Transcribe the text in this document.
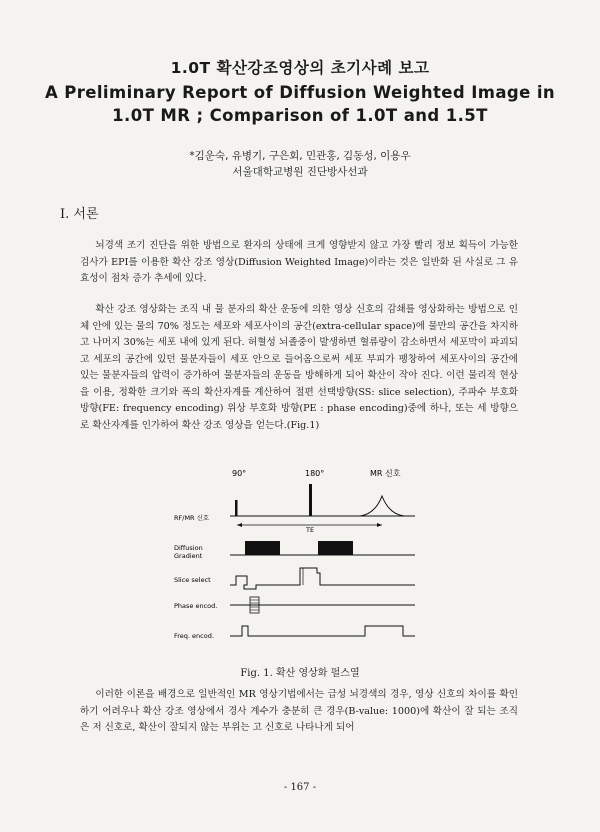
1.0T 확산강조영상의 초기사례 보고
A Preliminary Report of Diffusion Weighted Image in
1.0T MR ; Comparison of 1.0T and 1.5T
*김운숙, 유병기, 구은회, 민관홍, 김동성, 이용우
서울대학교병원 진단방사선과
I. 서론

뇌경색 조기 진단을 위한 방법으로 환자의 상태에 크게 영향받지 않고 가장 빨리 정보 획득이 가능한 검사가 EPI를 이용한 확산 강조 영상(Diffusion Weighted Image)이라는 것은 일반화 된 사실로 그 유효성이 점차 증가 추세에 있다.

확산 강조 영상화는 조직 내 물 분자의 확산 운동에 의한 영상 신호의 감쇄를 영상화하는 방법으로 인체 안에 있는 물의 70% 정도는 세포와 세포사이의 공간(extra-cellular space)에 물만의 공간을 차지하고 나머지 30%는 세포 내에 있게 된다. 허혈성 뇌졸중이 발생하면 혈류량이 감소하면서 세포막이 파괴되고 세포의 공간에 있던 물분자들이 세포 안으로 들어옴으로써 세포 부피가 팽창하여 세포사이의 공간에 있는 물분자들의 압력이 증가하여 물분자들의 운동을 방해하게 되어 확산이 작아 진다. 이런 물리적 현상을 이용, 정확한 크기와 폭의 확산자계를 계산하여 절편 선택방향(SS: slice selection), 주파수 부호화 방향(FE: frequency encoding) 위상 부호화 방향(PE : phase encoding)중에 하나, 또는 세 방향으로 확산자계를 인가하여 확산 강조 영상을 얻는다.(Fig.1)

90°	180°	MR 신호
RF/MR 신호
TE
Diffusion
Gradient
Slice select
Phase encod.
Freq. encod.
Fig. 1. 확산 영상화 펄스열

이러한 이론을 배경으로 일반적인 MR 영상기법에서는 급성 뇌경색의 경우, 영상 신호의 차이를 확인하기 어려우나 확산 강조 영상에서 경사 계수가 충분히 큰 경우(B-value: 1000)에 확산이 잘 되는 조직은 저 신호로, 확산이 잘되지 않는 부위는 고 신호로 나타나게 되어

- 167 -
